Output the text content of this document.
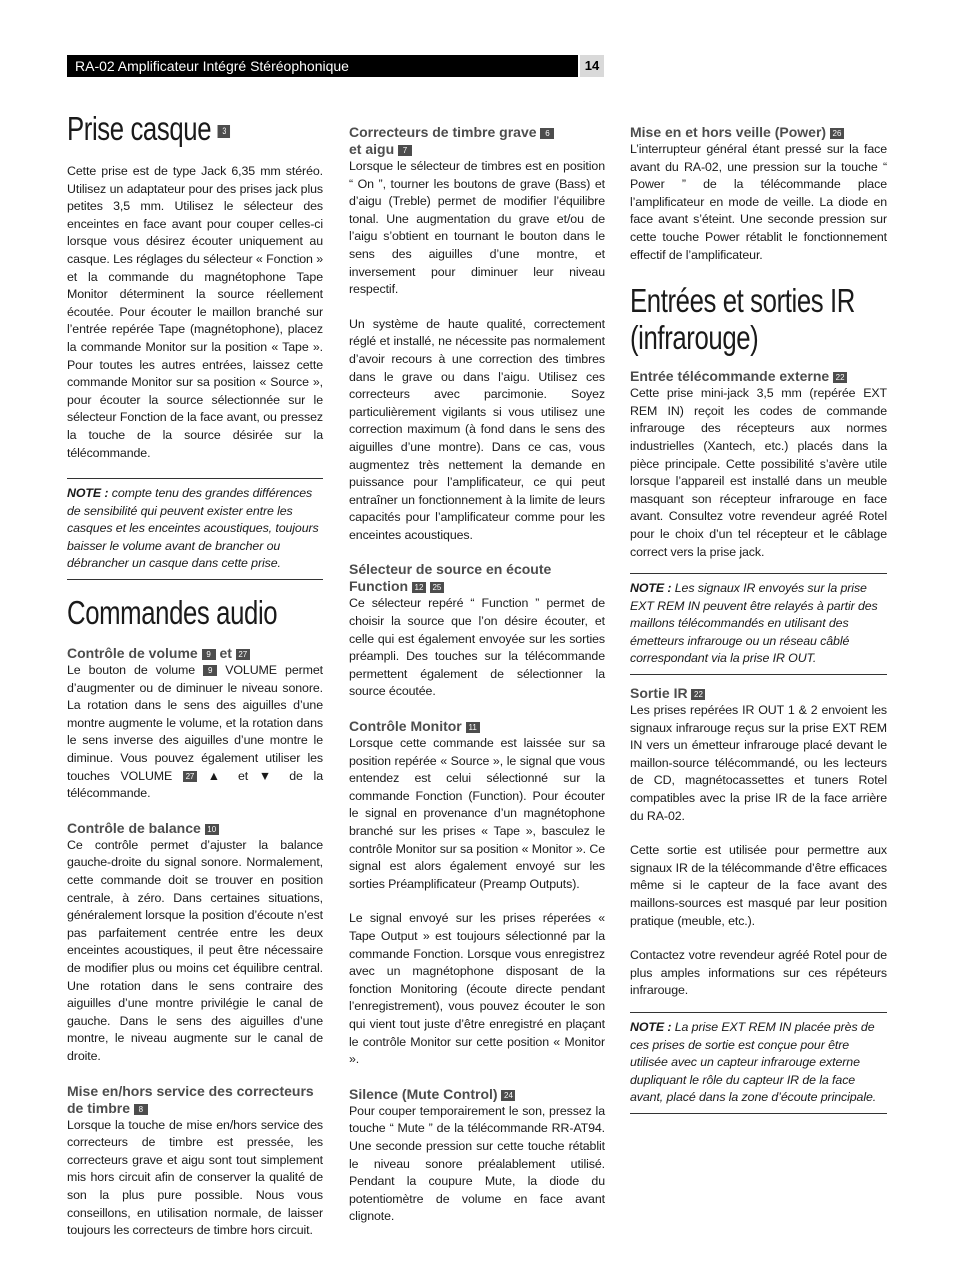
RA-02 Amplificateur Intégré Stéréophonique	14
Prise casque 3

Cette prise est de type Jack 6,35 mm stéréo. Utilisez un adaptateur pour des prises jack plus petites 3,5 mm. Utilisez le sélecteur des enceintes en face avant pour couper celles-ci lorsque vous désirez écouter uniquement au casque. Les réglages du sélecteur « Fonction » et la commande du magnétophone Tape Monitor déterminent la source réellement écoutée. Pour écouter le maillon branché sur l’entrée repérée Tape (magnétophone), placez la commande Monitor sur la position « Tape ». Pour toutes les autres entrées, laissez cette commande Monitor sur sa position « Source », pour écouter la source sélectionnée sur le sélecteur Fonction de la face avant, ou pressez la touche de la source désirée sur la télécommande.

NOTE : compte tenu des grandes différences de sensibilité qui peuvent exister entre les casques et les enceintes acoustiques, toujours baisser le volume avant de brancher ou débrancher un casque dans cette prise.

Commandes audio
Contrôle de volume 9 et 27

Le bouton de volume 9 VOLUME permet d’augmenter ou de diminuer le niveau sonore. La rotation dans le sens des aiguilles d’une montre augmente le volume, et la rotation dans le sens inverse des aiguilles d’une montre le diminue. Vous pouvez également utiliser les touches VOLUME 27 ▲ et ▼ de la télécommande.

Contrôle de balance 10

Ce contrôle permet d’ajuster la balance gauche-droite du signal sonore. Normalement, cette commande doit se trouver en position centrale, à zéro. Dans certaines situations, généralement lorsque la position d’écoute n’est pas parfaitement centrée entre les deux enceintes acoustiques, il peut être nécessaire de modifier plus ou moins cet équilibre central. Une rotation dans le sens contraire des aiguilles d’une montre privilégie le canal de gauche. Dans le sens des aiguilles d’une montre, le niveau augmente sur le canal de droite.

Mise en/hors service des correcteurs de timbre 8

Lorsque la touche de mise en/hors service des correcteurs de timbre est pressée, les correcteurs grave et aigu sont tout simplement mis hors circuit afin de conserver la qualité de son la plus pure possible. Nous vous conseillons, en utilisation normale, de laisser toujours les correcteurs de timbre hors circuit.

Correcteurs de timbre grave 6
et aigu 7

Lorsque le sélecteur de timbres est en position “ On ”, tourner les boutons de grave (Bass) et d’aigu (Treble) permet de modifier l’équilibre tonal. Une augmentation du grave et/ou de l’aigu s’obtient en tournant le bouton dans le sens des aiguilles d’une montre, et inversement pour diminuer leur niveau respectif.

Un système de haute qualité, correctement réglé et installé, ne nécessite pas normalement d’avoir recours à une correction des timbres dans le grave ou dans l’aigu. Utilisez ces correcteurs avec parcimonie. Soyez particulièrement vigilants si vous utilisez une correction maximum (à fond dans le sens des aiguilles d’une montre). Dans ce cas, vous augmentez très nettement la demande en puissance pour l’amplificateur, ce qui peut entraîner un fonctionnement à la limite de leurs capacités pour l’amplificateur comme pour les enceintes acoustiques.

Sélecteur de source en écoute Function 12 25

Ce sélecteur repéré “ Function ” permet de choisir la source que l’on désire écouter, et celle qui est également envoyée sur les sorties préampli. Des touches sur la télécommande permettent également de sélectionner la source écoutée.

Contrôle Monitor 11

Lorsque cette commande est laissée sur sa position repérée « Source », le signal que vous entendez est celui sélectionné sur la commande Fonction (Function). Pour écouter le signal en provenance d’un magnétophone branché sur les prises « Tape », basculez le contrôle Monitor sur sa position « Monitor ». Ce signal est alors également envoyé sur les sorties Préamplificateur (Preamp Outputs).

Le signal envoyé sur les prises réperées « Tape Output » est toujours sélectionné par la commande Fonction. Lorsque vous enregistrez avec un magnétophone disposant de la fonction Monitoring (écoute directe pendant l’enregistrement), vous pouvez écouter le son qui vient tout juste d’être enregistré en plaçant le contrôle Monitor sur cette position « Monitor ».

Silence (Mute Control) 24

Pour couper temporairement le son, pressez la touche “ Mute ” de la télécommande RR-AT94. Une seconde pression sur cette touche rétablit le niveau sonore préalablement utilisé. Pendant la coupure Mute, la diode du potentiomètre de volume en face avant clignote.

Mise en et hors veille (Power) 26

L’interrupteur général étant pressé sur la face avant du RA-02, une pression sur la touche “ Power ” de la télécommande place l’amplificateur en mode de veille. La diode en face avant s’éteint. Une seconde pression sur cette touche Power rétablit le fonctionnement effectif de l’amplificateur.

Entrées et sorties IR (infrarouge)
Entrée télécommande externe 22

Cette prise mini-jack 3,5 mm (repérée EXT REM IN) reçoit les codes de commande infrarouge des récepteurs aux normes industrielles (Xantech, etc.) placés dans la pièce principale. Cette possibilité s’avère utile lorsque l’appareil est installé dans un meuble masquant son récepteur infrarouge en face avant. Consultez votre revendeur agréé Rotel pour le choix d’un tel récepteur et le câblage correct vers la prise jack.

NOTE : Les signaux IR envoyés sur la prise EXT REM IN peuvent être relayés à partir des maillons télécommandés en utilisant des émetteurs infrarouge ou un réseau câblé correspondant via la prise IR OUT.

Sortie IR 22

Les prises repérées IR OUT 1 & 2 envoient les signaux infrarouge reçus sur la prise EXT REM IN vers un émetteur infrarouge placé devant le maillon-source télécommandé, ou les lecteurs de CD, magnétocassettes et tuners Rotel compatibles avec la prise IR de la face arrière du RA-02.

Cette sortie est utilisée pour permettre aux signaux IR de la télécommande d’être efficaces même si le capteur de la face avant des maillons-sources est masqué par leur position pratique (meuble, etc.).

Contactez votre revendeur agréé Rotel pour de plus amples informations sur ces répéteurs infrarouge.

NOTE : La prise EXT REM IN placée près de ces prises de sortie est conçue pour être utilisée avec un capteur infrarouge externe dupliquant le rôle du capteur IR de la face avant, placé dans la zone d’écoute principale.
